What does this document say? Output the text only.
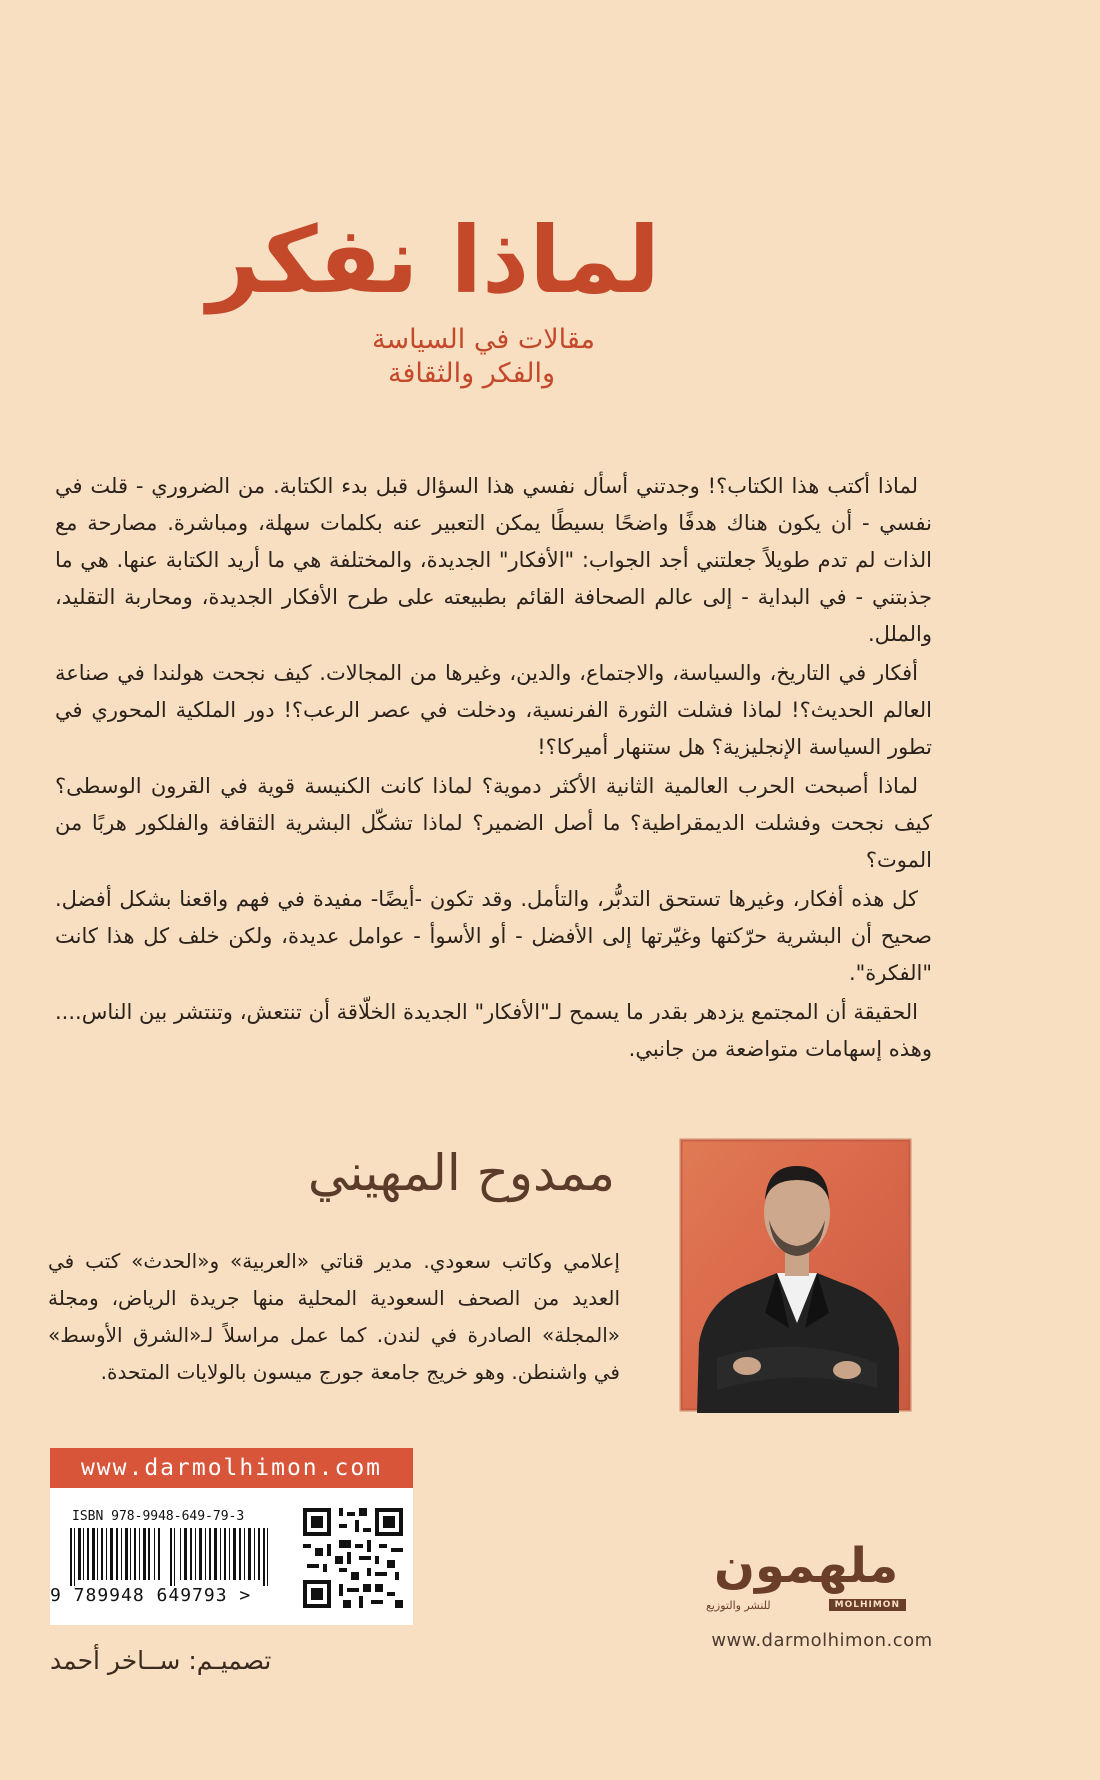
لماذا نفكر
مقالات في السياسة
والفكر والثقافة

لماذا أكتب هذا الكتاب؟! وجدتني أسأل نفسي هذا السؤال قبل بدء الكتابة. من الضروري - قلت في نفسي - أن يكون هناك هدفًا واضحًا بسيطًا يمكن التعبير عنه بكلمات سهلة، ومباشرة. مصارحة مع الذات لم تدم طويلاً جعلتني أجد الجواب: "الأفكار" الجديدة، والمختلفة هي ما أريد الكتابة عنها. هي ما جذبتني - في البداية - إلى عالم الصحافة القائم بطبيعته على طرح الأفكار الجديدة، ومحاربة التقليد، والملل.

أفكار في التاريخ، والسياسة، والاجتماع، والدين، وغيرها من المجالات. كيف نجحت هولندا في صناعة العالم الحديث؟! لماذا فشلت الثورة الفرنسية، ودخلت في عصر الرعب؟! دور الملكية المحوري في تطور السياسة الإنجليزية؟ هل ستنهار أميركا؟!

لماذا أصبحت الحرب العالمية الثانية الأكثر دموية؟ لماذا كانت الكنيسة قوية في القرون الوسطى؟ كيف نجحت وفشلت الديمقراطية؟ ما أصل الضمير؟ لماذا تشكّل البشرية الثقافة والفلكور هربًا من الموت؟

كل هذه أفكار، وغيرها تستحق التدبُّر، والتأمل. وقد تكون -أيضًا- مفيدة في فهم واقعنا بشكل أفضل. صحيح أن البشرية حرّكتها وغيّرتها إلى الأفضل - أو الأسوأ - عوامل عديدة، ولكن خلف كل هذا كانت "الفكرة".

الحقيقة أن المجتمع يزدهر بقدر ما يسمح لـ"الأفكار" الجديدة الخلّاقة أن تنتعش، وتنتشر بين الناس.... وهذه إسهامات متواضعة من جانبي.

ممدوح المهيني

إعلامي وكاتب سعودي. مدير قناتي «العربية» و«الحدث» كتب في العديد من الصحف السعودية المحلية منها جريدة الرياض، ومجلة «المجلة» الصادرة في لندن. كما عمل مراسلاً لـ«الشرق الأوسط» في واشنطن. وهو خريج جامعة جورج ميسون بالولايات المتحدة.

www.darmolhimon.com
ISBN 978-9948-649-79-3
9 789948 649793 >
ملهمون
للنشر والتوزيع	MOLHIMON
www.darmolhimon.com
تصميـم: ســاخر أحمد
